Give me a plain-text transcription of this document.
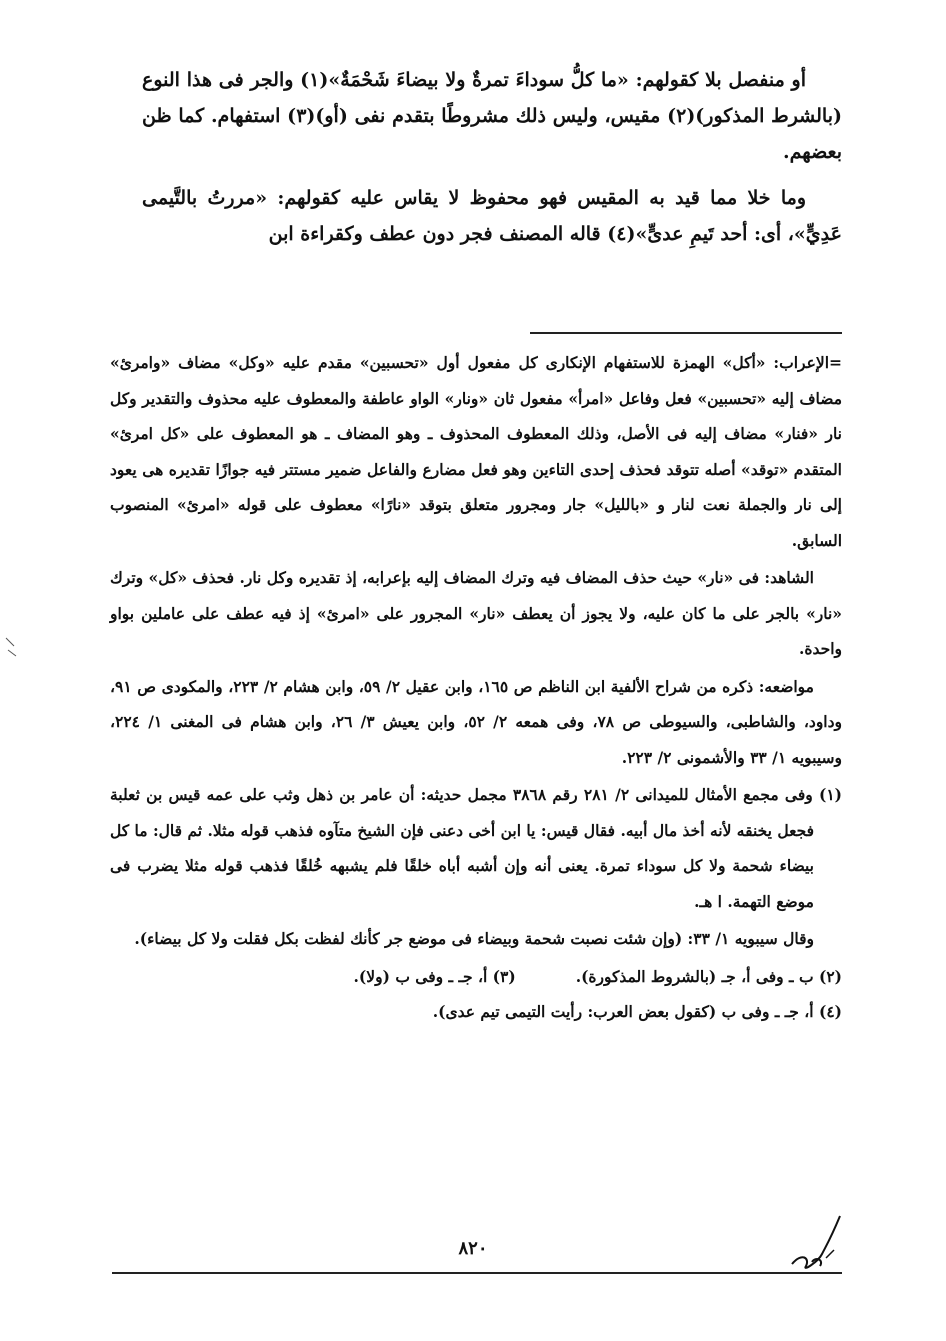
أو منفصل بلا كقولهم: «ما كلُّ سوداءَ تمرةٌ ولا بيضاءَ شَحْمَةٌ»(١) والجر فى هذا النوع (بالشرط المذكور)(٢) مقيس، وليس ذلك مشروطًا بتقدم نفى (أو)(٣) استفهام. كما ظن بعضهم.

وما خلا مما قيد به المقيس فهو محفوظ لا يقاس عليه كقولهم: «مررتُ بالتَّيمى عَدِيٍّ»، أى: أحد تَيمِ عدىٍّ»(٤) قاله المصنف فجر دون عطف وكقراءة ابن

=الإعراب: «أكل» الهمزة للاستفهام الإنكارى كل مفعول أول «تحسبين» مقدم عليه «وكل» مضاف «وامرئ» مضاف إليه «تحسبين» فعل وفاعل «امرأ» مفعول ثان «ونار» الواو عاطفة والمعطوف عليه محذوف والتقدير وكل نار «فنار» مضاف إليه فى الأصل، وذلك المعطوف المحذوف ـ وهو المضاف ـ هو المعطوف على «كل امرئ» المتقدم «توقد» أصله تتوقد فحذف إحدى التاءين وهو فعل مضارع والفاعل ضمير مستتر فيه جوازًا تقديره هى يعود إلى نار والجملة نعت لنار و «بالليل» جار ومجرور متعلق بتوقد «نارًا» معطوف على قوله «امرئ» المنصوب السابق.

الشاهد: فى «نار» حيث حذف المضاف فيه وترك المضاف إليه بإعرابه، إذ تقديره وكل نار. فحذف «كل» وترك «نار» بالجر على ما كان عليه، ولا يجوز أن يعطف «نار» المجرور على «امرئ» إذ فيه عطف على عاملين بواو واحدة.

مواضعه: ذكره من شراح الألفية ابن الناظم ص ١٦٥، وابن عقيل ٢/ ٥٩، وابن هشام ٢/ ٢٢٣، والمكودى ص ٩١، وداود، والشاطبى، والسيوطى ص ٧٨، وفى همعه ٢/ ٥٢، وابن يعيش ٣/ ٢٦، وابن هشام فى المغنى ١/ ٢٢٤، وسيبويه ١/ ٣٣ والأشمونى ٢/ ٢٢٣.

(١) وفى مجمع الأمثال للميدانى ٢/ ٢٨١ رقم ٣٨٦٨ مجمل حديثه: أن عامر بن ذهل وثب على عمه قيس بن ثعلبة فجعل يخنقه لأنه أخذ مال أبيه. فقال قيس: يا ابن أخى دعنى فإن الشيخ متآوه فذهب قوله مثلا. ثم قال: ما كل بيضاء شحمة ولا كل سوداء تمرة. يعنى أنه وإن أشبه أباه خلقًا فلم يشبهه خُلقًا فذهب قوله مثلا يضرب فى موضع التهمة. ا هـ.

وقال سيبويه ١/ ٣٣: (وإن شئت نصبت شحمة وبيضاء فى موضع جر كأنك لفظت بكل فقلت ولا كل بيضاء).

(٢) ب ـ وفى أ، جـ (بالشروط المذكورة).
(٣) أ، جـ ـ وفى ب (ولا).

(٤) أ، جـ ـ وفى ب (كقول بعض العرب: رأيت التيمى تيم عدى).

٨٢٠
